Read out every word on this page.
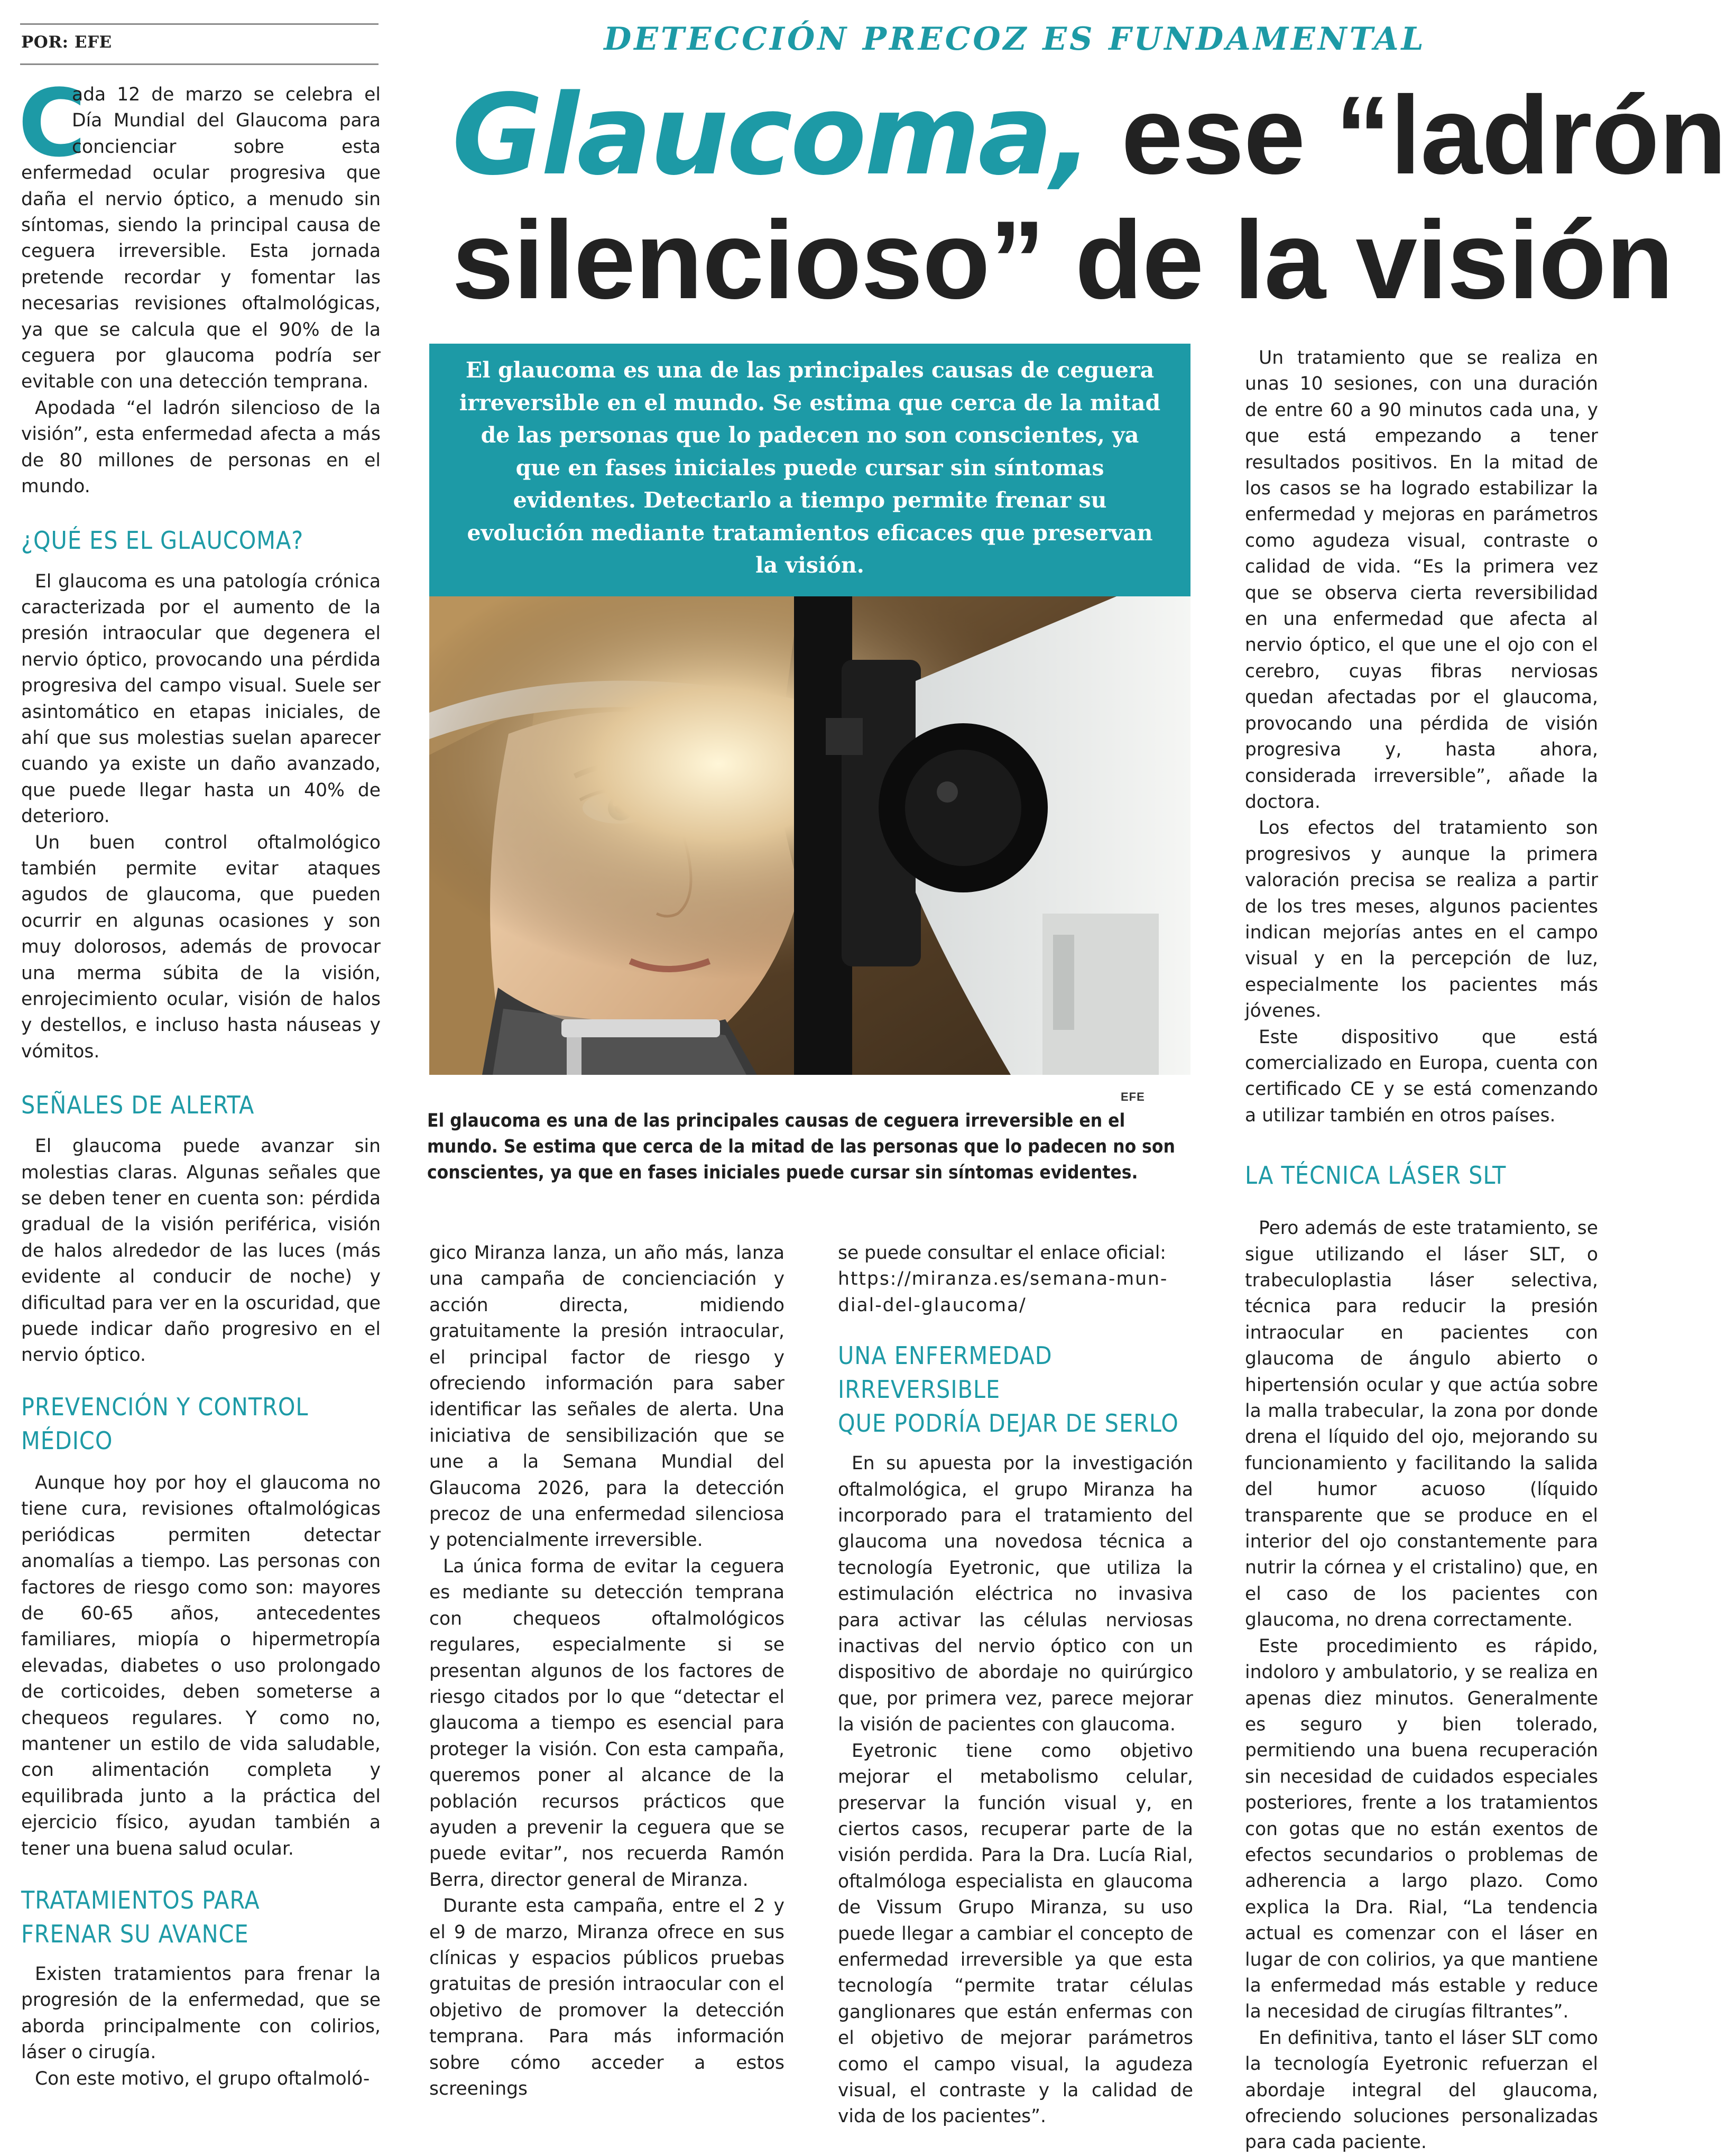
POR: EFE	DETECCIÓN PRECOZ ES FUNDAMENTAL
Glaucoma, ese “ladrón
silencioso” de la visión

C
ada 12 de marzo se celebra el Día Mundial del Glaucoma para concienciar sobre esta enfermedad ocular progresiva que daña el nervio óptico, a menudo sin síntomas, siendo la principal causa de ceguera irreversible. Esta jornada pretende recordar y fomentar las necesarias revisiones oftalmológicas, ya que se calcula que el 90% de la ceguera por glaucoma podría ser evitable con una detección temprana.

Apodada “el ladrón silencioso de la visión”, esta enfermedad afecta a más de 80 millones de personas en el mundo.

¿QUÉ ES EL GLAUCOMA?

El glaucoma es una patología crónica caracterizada por el aumento de la presión intraocular que degenera el nervio óptico, provocando una pérdida progresiva del campo visual. Suele ser asintomático en etapas iniciales, de ahí que sus molestias suelan aparecer cuando ya existe un daño avanzado, que puede llegar hasta un 40% de deterioro.

Un buen control oftalmológico también permite evitar ataques agudos de glaucoma, que pueden ocurrir en algunas ocasiones y son muy dolorosos, además de provocar una merma súbita de la visión, enrojecimiento ocular, visión de halos y destellos, e incluso hasta náuseas y vómitos.

SEÑALES DE ALERTA

El glaucoma puede avanzar sin molestias claras. Algunas señales que se deben tener en cuenta son: pérdida gradual de la visión periférica, visión de halos alrededor de las luces (más evidente al conducir de noche) y dificultad para ver en la oscuridad, que puede indicar daño progresivo en el nervio óptico.

PREVENCIÓN Y CONTROL MÉDICO

Aunque hoy por hoy el glaucoma no tiene cura, revisiones oftalmológicas periódicas permiten detectar anomalías a tiempo. Las personas con factores de riesgo como son: mayores de 60-65 años, antecedentes familiares, miopía o hipermetropía elevadas, diabetes o uso prolongado de corticoides, deben someterse a chequeos regulares. Y como no, mantener un estilo de vida saludable, con alimentación completa y equilibrada junto a la práctica del ejercicio físico, ayudan también a tener una buena salud ocular.

TRATAMIENTOS PARA
FRENAR SU AVANCE

Existen tratamientos para frenar la progresión de la enfermedad, que se aborda principalmente con colirios, láser o cirugía.

Con este motivo, el grupo oftalmoló-

El glaucoma es una de las principales causas de ceguera irreversible en el mundo. Se estima que cerca de la mitad de las personas que lo padecen no son conscientes, ya que en fases iniciales puede cursar sin síntomas evidentes. Detectarlo a tiempo permite frenar su evolución mediante tratamientos eficaces que preservan la visión.
EFE
El glaucoma es una de las principales causas de ceguera irreversible en el mundo. Se estima que cerca de la mitad de las personas que lo padecen no son conscientes, ya que en fases iniciales puede cursar sin síntomas evidentes.

gico Miranza lanza, un año más, lanza una campaña de concienciación y acción directa, midiendo gratuitamente la presión intraocular, el principal factor de riesgo y ofreciendo información para saber identificar las señales de alerta. Una iniciativa de sensibilización que se une a la Semana Mundial del Glaucoma 2026, para la detección precoz de una enfermedad silenciosa y potencialmente irreversible.

La única forma de evitar la ceguera es mediante su detección temprana con chequeos oftalmológicos regulares, especialmente si se presentan algunos de los factores de riesgo citados por lo que “detectar el glaucoma a tiempo es esencial para proteger la visión. Con esta campaña, queremos poner al alcance de la población recursos prácticos que ayuden a prevenir la ceguera que se puede evitar”, nos recuerda Ramón Berra, director general de Miranza.

Durante esta campaña, entre el 2 y el 9 de marzo, Miranza ofrece en sus clínicas y espacios públicos pruebas gratuitas de presión intraocular con el objetivo de promover la detección temprana. Para más información sobre cómo acceder a estos screenings

se puede consultar el enlace oficial:

https://miranza.es/semana-mun-
dial-del-glaucoma/

UNA ENFERMEDAD IRREVERSIBLE
QUE PODRÍA DEJAR DE SERLO

En su apuesta por la investigación oftalmológica, el grupo Miranza ha incorporado para el tratamiento del glaucoma una novedosa técnica a tecnología Eyetronic, que utiliza la estimulación eléctrica no invasiva para activar las células nerviosas inactivas del nervio óptico con un dispositivo de abordaje no quirúrgico que, por primera vez, parece mejorar la visión de pacientes con glaucoma.

Eyetronic tiene como objetivo mejorar el metabolismo celular, preservar la función visual y, en ciertos casos, recuperar parte de la visión perdida. Para la Dra. Lucía Rial, oftalmóloga especialista en glaucoma de Vissum Grupo Miranza, su uso puede llegar a cambiar el concepto de enfermedad irreversible ya que esta tecnología “permite tratar células ganglionares que están enfermas con el objetivo de mejorar parámetros como el campo visual, la agudeza visual, el contraste y la calidad de vida de los pacientes”.

Un tratamiento que se realiza en unas 10 sesiones, con una duración de entre 60 a 90 minutos cada una, y que está empezando a tener resultados positivos. En la mitad de los casos se ha logrado estabilizar la enfermedad y mejoras en parámetros como agudeza visual, contraste o calidad de vida. “Es la primera vez que se observa cierta reversibilidad en una enfermedad que afecta al nervio óptico, el que une el ojo con el cerebro, cuyas fibras nerviosas quedan afectadas por el glaucoma, provocando una pérdida de visión progresiva y, hasta ahora, considerada irreversible”, añade la doctora.

Los efectos del tratamiento son progresivos y aunque la primera valoración precisa se realiza a partir de los tres meses, algunos pacientes indican mejorías antes en el campo visual y en la percepción de luz, especialmente los pacientes más jóvenes.

Este dispositivo que está comercializado en Europa, cuenta con certificado CE y se está comenzando a utilizar también en otros países.

LA TÉCNICA LÁSER SLT

Pero además de este tratamiento, se sigue utilizando el láser SLT, o trabeculoplastia láser selectiva, técnica para reducir la presión intraocular en pacientes con glaucoma de ángulo abierto o hipertensión ocular y que actúa sobre la malla trabecular, la zona por donde drena el líquido del ojo, mejorando su funcionamiento y facilitando la salida del humor acuoso (líquido transparente que se produce en el interior del ojo constantemente para nutrir la córnea y el cristalino) que, en el caso de los pacientes con glaucoma, no drena correctamente.

Este procedimiento es rápido, indoloro y ambulatorio, y se realiza en apenas diez minutos. Generalmente es seguro y bien tolerado, permitiendo una buena recuperación sin necesidad de cuidados especiales posteriores, frente a los tratamientos con gotas que no están exentos de efectos secundarios o problemas de adherencia a largo plazo. Como explica la Dra. Rial, “La tendencia actual es comenzar con el láser en lugar de con colirios, ya que mantiene la enfermedad más estable y reduce la necesidad de cirugías filtrantes”.

En definitiva, tanto el láser SLT como la tecnología Eyetronic refuerzan el abordaje integral del glaucoma, ofreciendo soluciones personalizadas para cada paciente.
